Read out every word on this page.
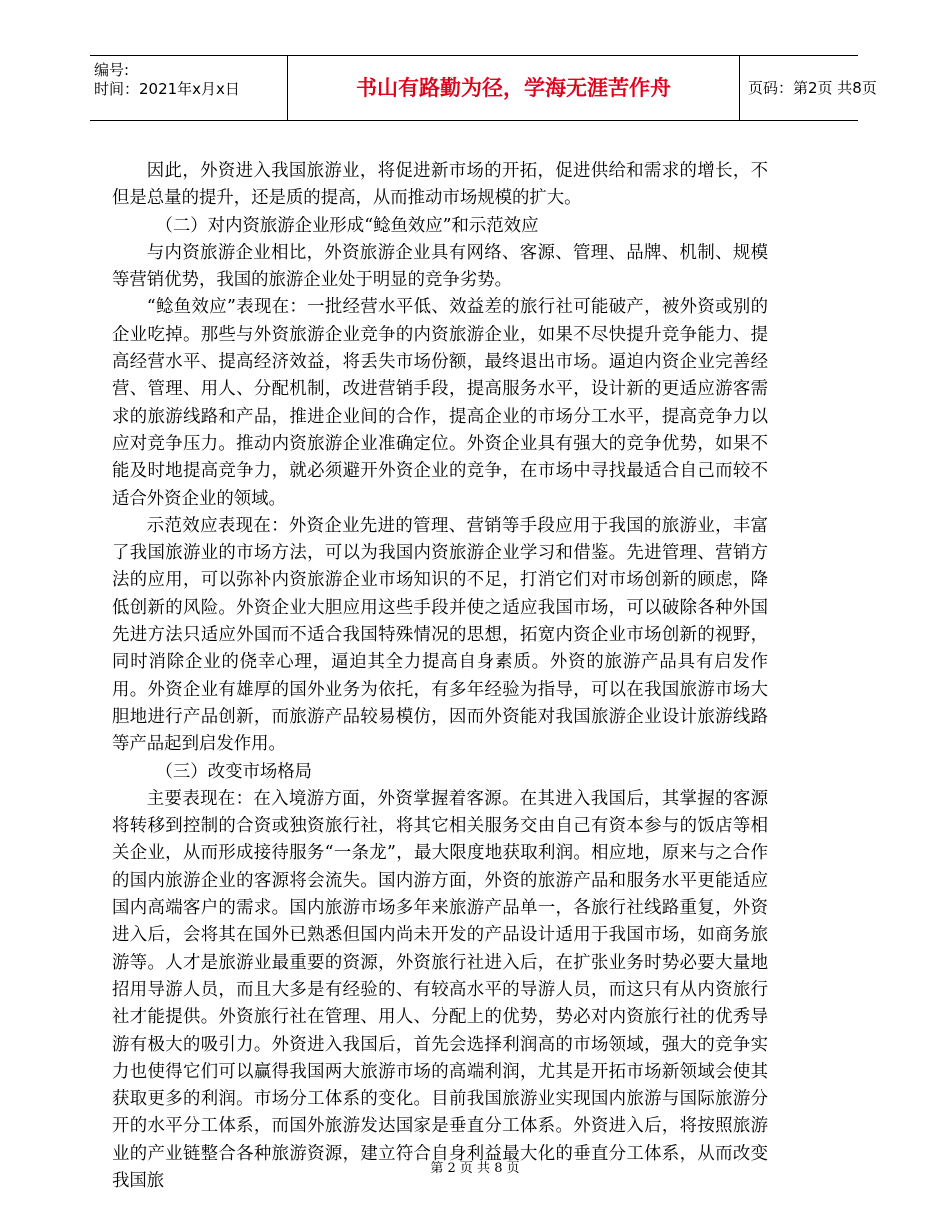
编号:
时间：2021年x月x日	书山有路勤为径，学海无涯苦作舟	页码：第2页 共8页

因此，外资进入我国旅游业，将促进新市场的开拓，促进供给和需求的增长，不但是总量的提升，还是质的提高，从而推动市场规模的扩大。

（二）对内资旅游企业形成“鲶鱼效应”和示范效应

与内资旅游企业相比，外资旅游企业具有网络、客源、管理、品牌、机制、规模等营销优势，我国的旅游企业处于明显的竞争劣势。

“鲶鱼效应”表现在：一批经营水平低、效益差的旅行社可能破产，被外资或别的企业吃掉。那些与外资旅游企业竞争的内资旅游企业，如果不尽快提升竞争能力、提高经营水平、提高经济效益，将丢失市场份额，最终退出市场。逼迫内资企业完善经营、管理、用人、分配机制，改进营销手段，提高服务水平，设计新的更适应游客需求的旅游线路和产品，推进企业间的合作，提高企业的市场分工水平，提高竞争力以应对竞争压力。推动内资旅游企业准确定位。外资企业具有强大的竞争优势，如果不能及时地提高竞争力，就必须避开外资企业的竞争，在市场中寻找最适合自己而较不适合外资企业的领域。

示范效应表现在：外资企业先进的管理、营销等手段应用于我国的旅游业，丰富了我国旅游业的市场方法，可以为我国内资旅游企业学习和借鉴。先进管理、营销方法的应用，可以弥补内资旅游企业市场知识的不足，打消它们对市场创新的顾虑，降低创新的风险。外资企业大胆应用这些手段并使之适应我国市场，可以破除各种外国先进方法只适应外国而不适合我国特殊情况的思想，拓宽内资企业市场创新的视野，同时消除企业的侥幸心理，逼迫其全力提高自身素质。外资的旅游产品具有启发作用。外资企业有雄厚的国外业务为依托，有多年经验为指导，可以在我国旅游市场大胆地进行产品创新，而旅游产品较易模仿，因而外资能对我国旅游企业设计旅游线路等产品起到启发作用。

（三）改变市场格局

主要表现在：在入境游方面，外资掌握着客源。在其进入我国后，其掌握的客源将转移到控制的合资或独资旅行社，将其它相关服务交由自己有资本参与的饭店等相关企业，从而形成接待服务“一条龙”，最大限度地获取利润。相应地，原来与之合作的国内旅游企业的客源将会流失。国内游方面，外资的旅游产品和服务水平更能适应国内高端客户的需求。国内旅游市场多年来旅游产品单一，各旅行社线路重复，外资进入后，会将其在国外已熟悉但国内尚未开发的产品设计适用于我国市场，如商务旅游等。人才是旅游业最重要的资源，外资旅行社进入后，在扩张业务时势必要大量地招用导游人员，而且大多是有经验的、有较高水平的导游人员，而这只有从内资旅行社才能提供。外资旅行社在管理、用人、分配上的优势，势必对内资旅行社的优秀导游有极大的吸引力。外资进入我国后，首先会选择利润高的市场领域，强大的竞争实力也使得它们可以赢得我国两大旅游市场的高端利润，尤其是开拓市场新领域会使其获取更多的利润。市场分工体系的变化。目前我国旅游业实现国内旅游与国际旅游分开的水平分工体系，而国外旅游发达国家是垂直分工体系。外资进入后，将按照旅游业的产业链整合各种旅游资源，建立符合自身利益最大化的垂直分工体系，从而改变我国旅

第 2 页 共 8 页
